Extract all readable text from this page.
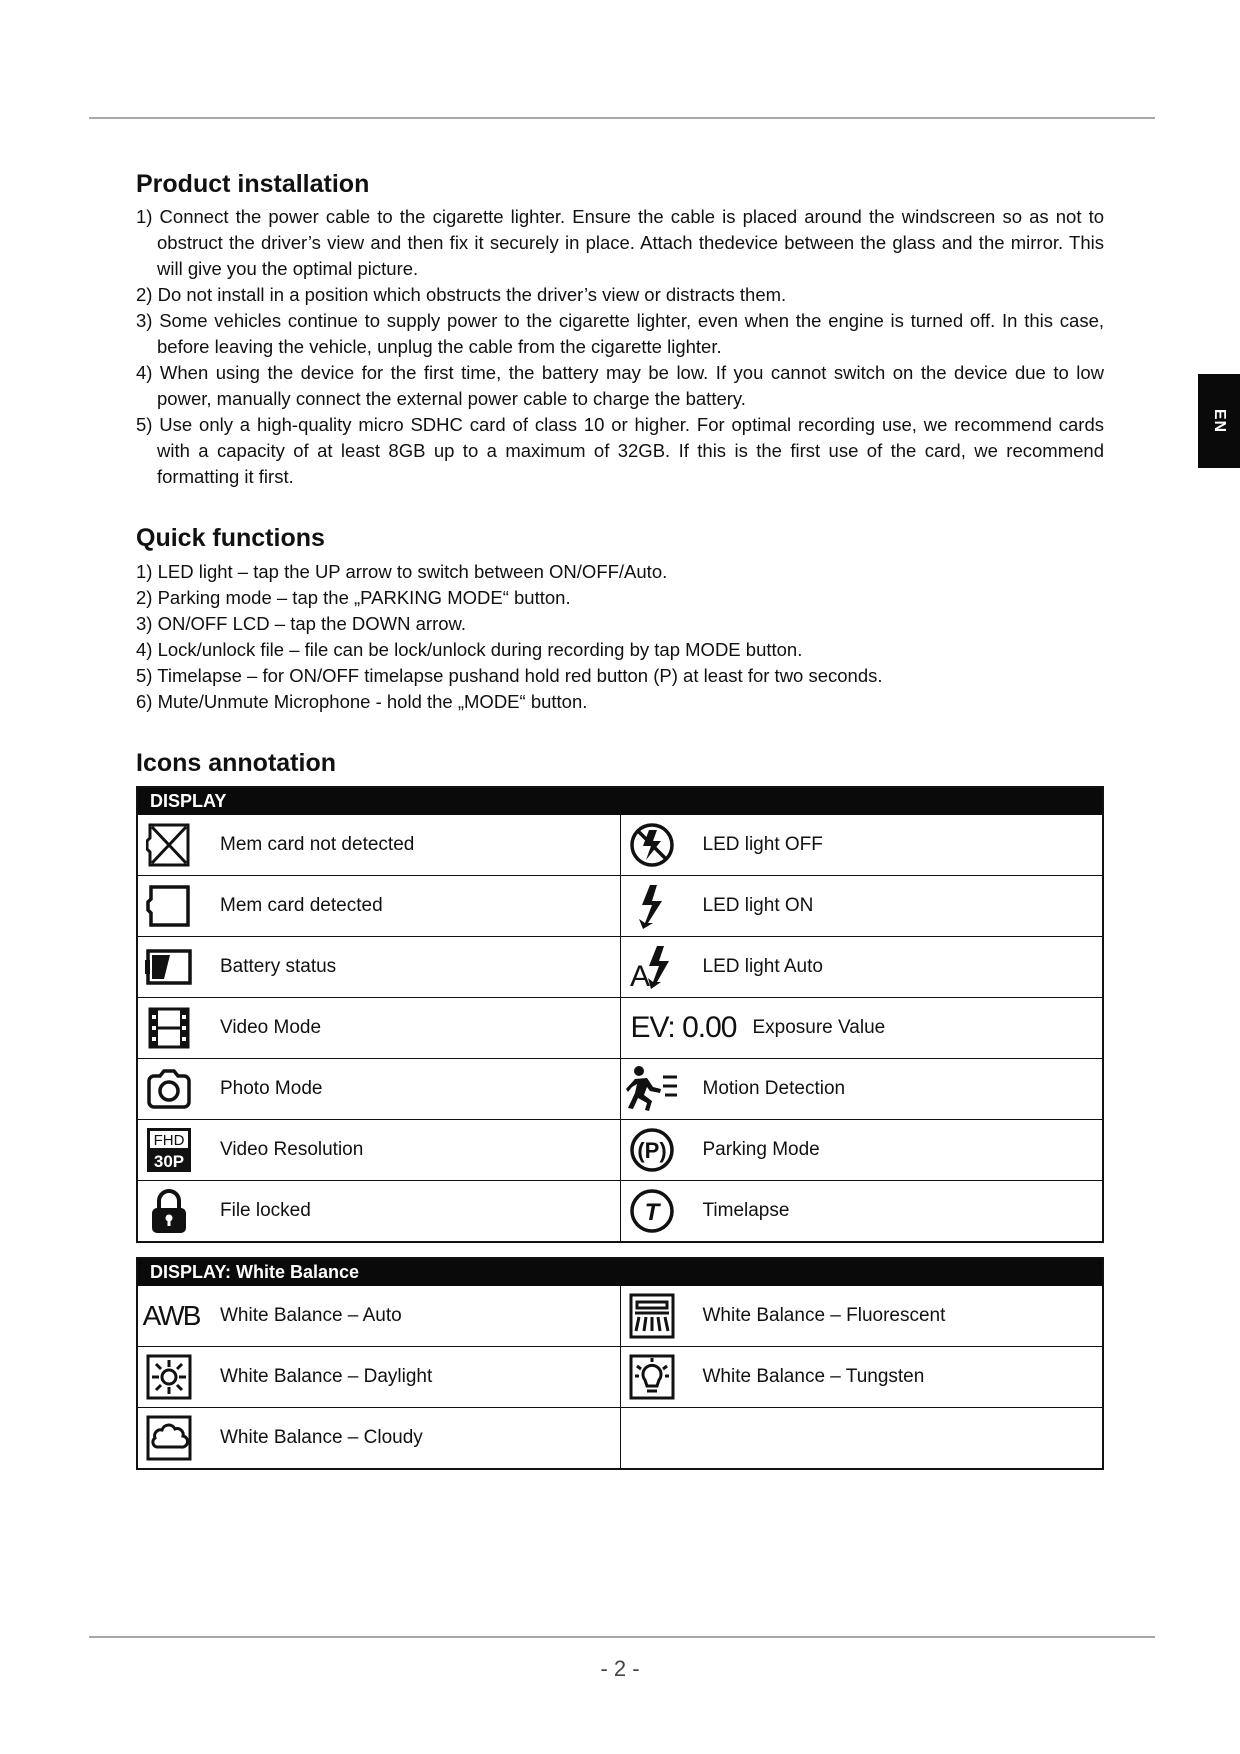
EN
Product installation
1) Connect the power cable to the cigarette lighter. Ensure the cable is placed around the windscreen so as not to obstruct the driver’s view and then fix it securely in place. Attach thedevice between the glass and the mirror. This will give you the optimal picture.
2) Do not install in a position which obstructs the driver’s view or distracts them.
3) Some vehicles continue to supply power to the cigarette lighter, even when the engine is turned off. In this case, before leaving the vehicle, unplug the cable from the cigarette lighter.
4) When using the device for the first time, the battery may be low. If you cannot switch on the device due to low power, manually connect the external power cable to charge the battery.
5) Use only a high-quality micro SDHC card of class 10 or higher. For optimal recording use, we recommend cards with a capacity of at least 8GB up to a maximum of 32GB. If this is the first use of the card, we recommend formatting it first.
Quick functions
1) LED light – tap the UP arrow to switch between ON/OFF/Auto.
2) Parking mode – tap the „PARKING MODE“ button.
3) ON/OFF LCD – tap the DOWN arrow.
4) Lock/unlock file – file can be lock/unlock during recording by tap MODE button.
5) Timelapse – for ON/OFF timelapse pushand hold red button (P) at least for two seconds.
6) Mute/Unmute Microphone - hold the „MODE“ button.
Icons annotation
DISPLAY
Mem card not detected	LED light OFF
Mem card detected	LED light ON
Battery status	A	LED light Auto
Video Mode	EV: 0.00 Exposure Value
Photo Mode	Motion Detection
FHD
30P
Video Resolution	(P)	Parking Mode
File locked	T	Timelapse
DISPLAY: White Balance
AWB	White Balance – Auto	White Balance – Fluorescent
White Balance – Daylight	White Balance – Tungsten
White Balance – Cloudy
- 2 -
